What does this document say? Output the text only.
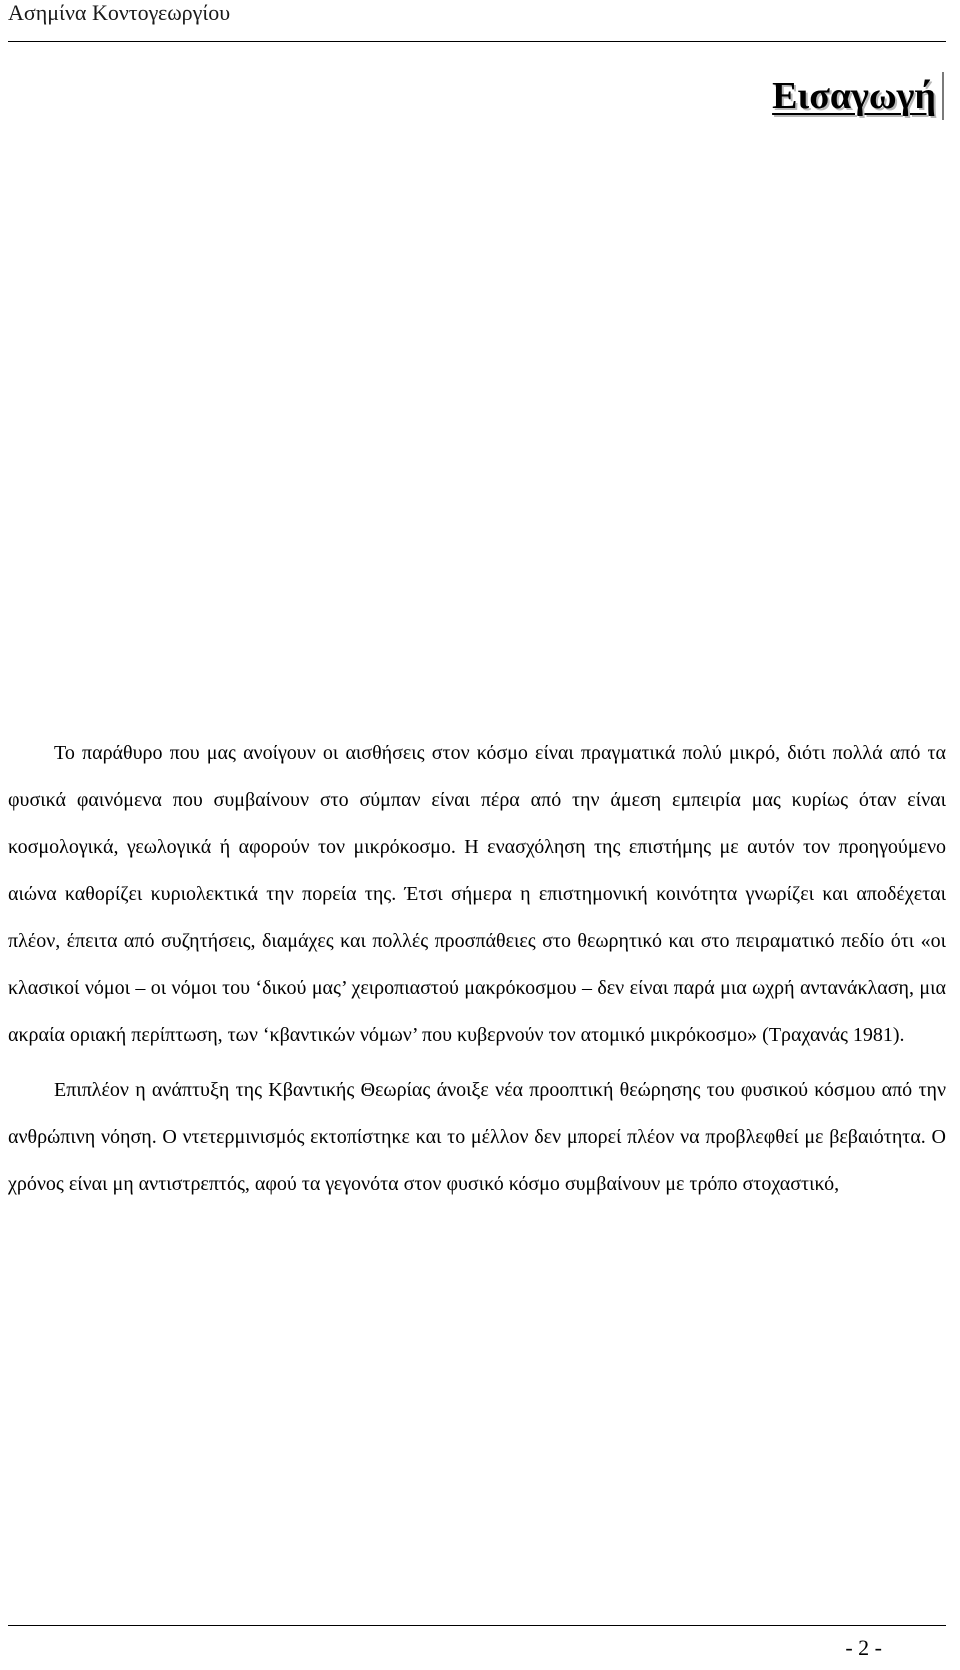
Ασημίνα Κοντογεωργίου
Εισαγωγή

Το παράθυρο που μας ανοίγουν οι αισθήσεις στον κόσμο είναι πραγματικά πολύ μικρό, διότι πολλά από τα φυσικά φαινόμενα που συμβαίνουν στο σύμπαν είναι πέρα από την άμεση εμπειρία μας κυρίως όταν είναι κοσμολογικά, γεωλογικά ή αφορούν τον μικρόκοσμο. Η ενασχόληση της επιστήμης με αυτόν τον προηγούμενο αιώνα καθορίζει κυριολεκτικά την πορεία της. Έτσι σήμερα η επιστημονική κοινότητα γνωρίζει και αποδέχεται πλέον, έπειτα από συζητήσεις, διαμάχες και πολλές προσπάθειες στο θεωρητικό και στο πειραματικό πεδίο ότι «οι κλασικοί νόμοι – οι νόμοι του ‘δικού μας’ χειροπιαστού μακρόκοσμου – δεν είναι παρά μια ωχρή αντανάκλαση, μια ακραία οριακή περίπτωση, των ‘κβαντικών νόμων’ που κυβερνούν τον ατομικό μικρόκοσμο» (Τραχανάς 1981).

Επιπλέον η ανάπτυξη της Κβαντικής Θεωρίας άνοιξε νέα προοπτική θεώρησης του φυσικού κόσμου από την ανθρώπινη νόηση. Ο ντετερμινισμός εκτοπίστηκε και το μέλλον δεν μπορεί πλέον να προβλεφθεί με βεβαιότητα. Ο χρόνος είναι μη αντιστρεπτός, αφού τα γεγονότα στον φυσικό κόσμο συμβαίνουν με τρόπο στοχαστικό,

- 2 -
